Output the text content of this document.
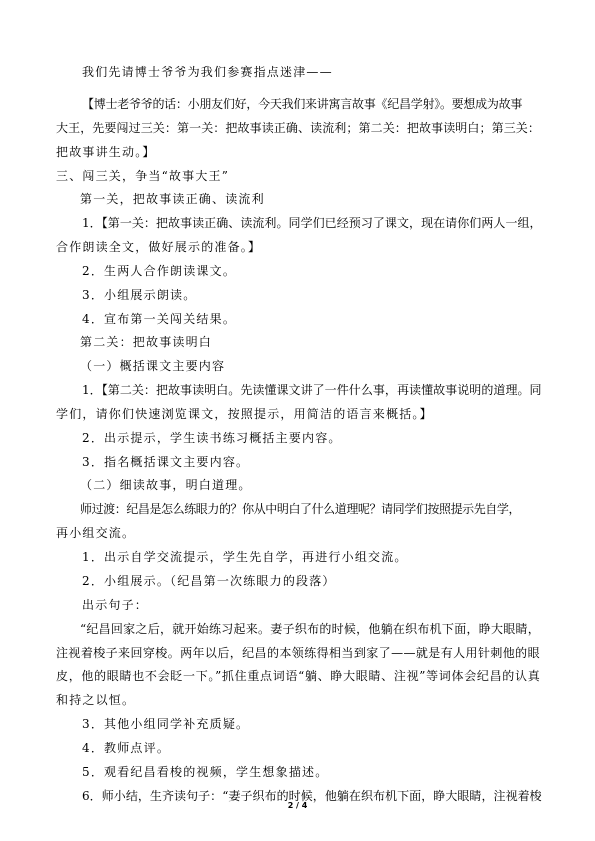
我们先请博士爷爷为我们参赛指点迷津——
【博士老爷爷的话：小朋友们好，今天我们来讲寓言故事《纪昌学射》。要想成为故事
大王，先要闯过三关：第一关：把故事读正确、读流利；第二关：把故事读明白；第三关：
把故事讲生动。】
三、闯三关，争当“故事大王”
第一关，把故事读正确、读流利
1．【第一关：把故事读正确、读流利。同学们已经预习了课文，现在请你们两人一组，
合作朗读全文，做好展示的准备。】
2．生两人合作朗读课文。
3．小组展示朗读。
4．宣布第一关闯关结果。
第二关：把故事读明白
（一）概括课文主要内容
1．【第二关：把故事读明白。先读懂课文讲了一件什么事，再读懂故事说明的道理。同
学们，请你们快速浏览课文，按照提示，用简洁的语言来概括。】
2．出示提示，学生读书练习概括主要内容。
3．指名概括课文主要内容。
（二）细读故事，明白道理。
师过渡：纪昌是怎么练眼力的？你从中明白了什么道理呢？请同学们按照提示先自学，
再小组交流。
1．出示自学交流提示，学生先自学，再进行小组交流。
2．小组展示。（纪昌第一次练眼力的段落）
出示句子：
“纪昌回家之后，就开始练习起来。妻子织布的时候，他躺在织布机下面，睁大眼睛，
注视着梭子来回穿梭。两年以后，纪昌的本领练得相当到家了——就是有人用针刺他的眼
皮，他的眼睛也不会眨一下。”抓住重点词语“躺、睁大眼睛、注视”等词体会纪昌的认真
和持之以恒。
3．其他小组同学补充质疑。
4．教师点评。
5．观看纪昌看梭的视频，学生想象描述。
6．师小结，生齐读句子：“妻子织布的时候，他躺在织布机下面，睁大眼睛，注视着梭
2 / 4
